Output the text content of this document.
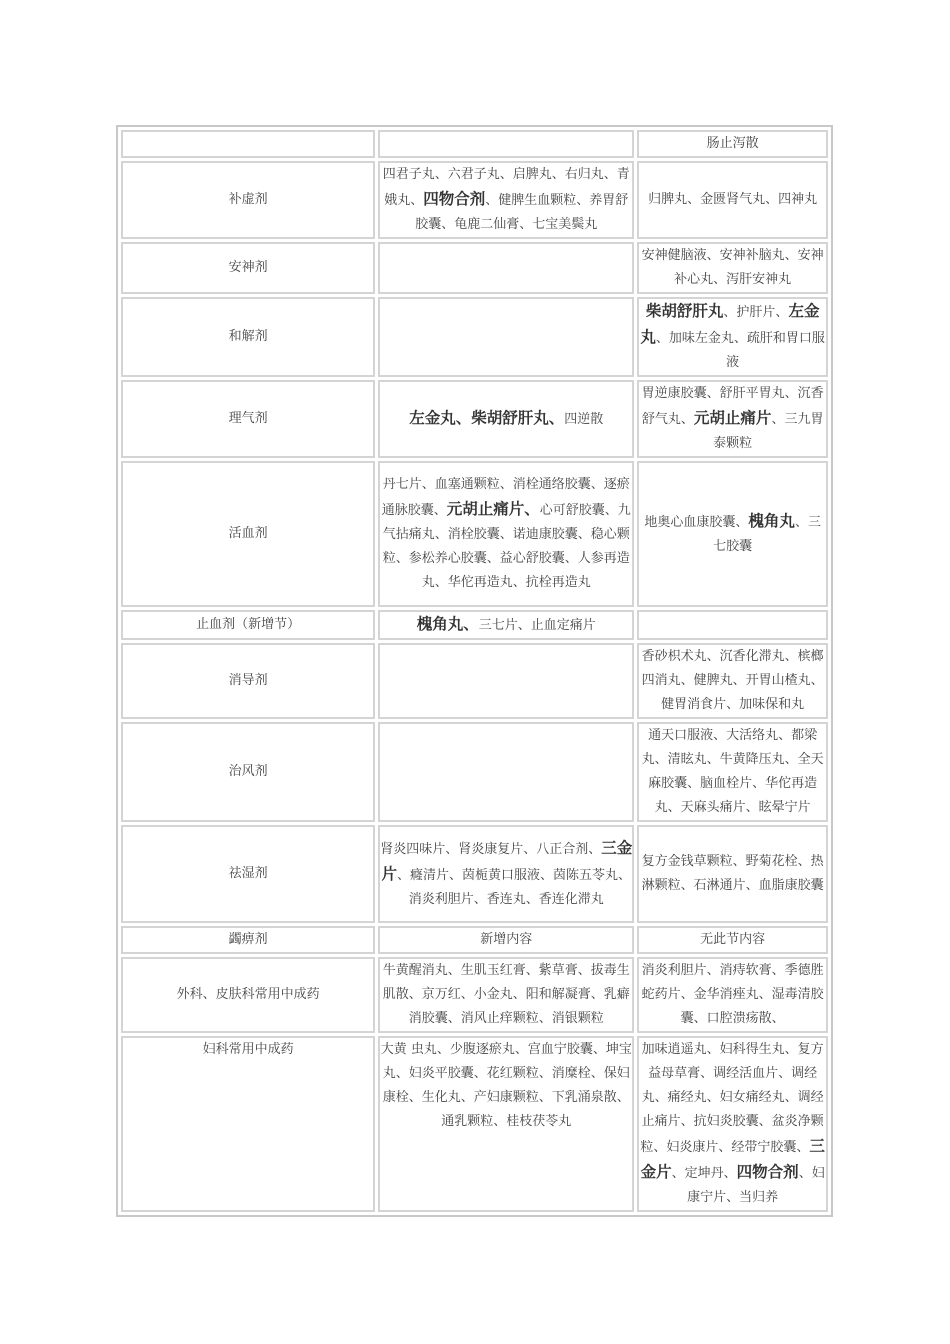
		肠止泻散
补虚剂	四君子丸、六君子丸、启脾丸、右归丸、青娥丸、四物合剂、健脾生血颗粒、养胃舒胶囊、龟鹿二仙膏、七宝美鬓丸	归脾丸、金匮肾气丸、四神丸
安神剂		安神健脑液、安神补脑丸、安神补心丸、泻肝安神丸
和解剂		柴胡舒肝丸、护肝片、左金丸、加味左金丸、疏肝和胃口服液
理气剂	左金丸、柴胡舒肝丸、四逆散	胃逆康胶囊、舒肝平胃丸、沉香舒气丸、元胡止痛片、三九胃泰颗粒
活血剂	丹七片、血塞通颗粒、消栓通络胶囊、逐瘀通脉胶囊、元胡止痛片、心可舒胶囊、九气拈痛丸、消栓胶囊、诺迪康胶囊、稳心颗粒、参松养心胶囊、益心舒胶囊、人参再造丸、华佗再造丸、抗栓再造丸	地奥心血康胶囊、槐角丸、三七胶囊
止血剂（新增节）	槐角丸、三七片、止血定痛片	
消导剂		香砂枳术丸、沉香化滞丸、槟榔四消丸、健脾丸、开胃山楂丸、健胃消食片、加味保和丸
治风剂		通天口服液、大活络丸、都梁丸、清眩丸、牛黄降压丸、全天麻胶囊、脑血栓片、华佗再造丸、天麻头痛片、眩晕宁片
祛湿剂	肾炎四味片、肾炎康复片、八正合剂、三金片、癃清片、茵栀黄口服液、茵陈五苓丸、消炎利胆片、香连丸、香连化滞丸	复方金钱草颗粒、野菊花栓、热淋颗粒、石淋通片、血脂康胶囊
蠲痹剂	新增内容	无此节内容
外科、皮肤科常用中成药	牛黄醒消丸、生肌玉红膏、紫草膏、拔毒生肌散、京万红、小金丸、阳和解凝膏、乳癖消胶囊、消风止痒颗粒、消银颗粒	消炎利胆片、消痔软膏、季德胜蛇药片、金华消痤丸、湿毒清胶囊、口腔溃疡散、
妇科常用中成药	大黄 虫丸、少腹逐瘀丸、宫血宁胶囊、坤宝丸、妇炎平胶囊、花红颗粒、消糜栓、保妇康栓、生化丸、产妇康颗粒、下乳涌泉散、通乳颗粒、桂枝茯苓丸	加味逍遥丸、妇科得生丸、复方益母草膏、调经活血片、调经丸、痛经丸、妇女痛经丸、调经止痛片、抗妇炎胶囊、盆炎净颗粒、妇炎康片、经带宁胶囊、三金片、定坤丹、四物合剂、妇康宁片、当归养
